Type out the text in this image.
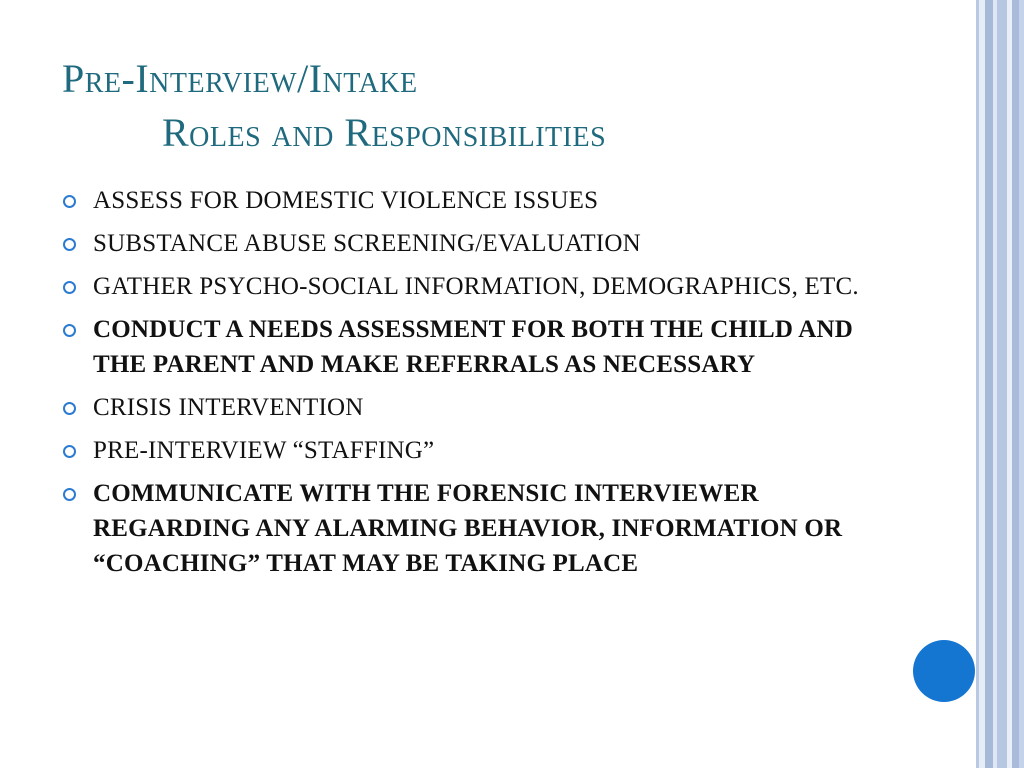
Pre-Interview/Intake
Roles and Responsibilities
ASSESS FOR DOMESTIC VIOLENCE ISSUES
SUBSTANCE ABUSE SCREENING/EVALUATION
GATHER PSYCHO-SOCIAL INFORMATION, DEMOGRAPHICS, ETC.
CONDUCT A NEEDS ASSESSMENT FOR BOTH THE CHILD AND THE PARENT AND MAKE REFERRALS AS NECESSARY
CRISIS INTERVENTION
PRE-INTERVIEW “STAFFING”
COMMUNICATE WITH THE FORENSIC INTERVIEWER REGARDING ANY ALARMING BEHAVIOR, INFORMATION OR “COACHING” THAT MAY BE TAKING PLACE
